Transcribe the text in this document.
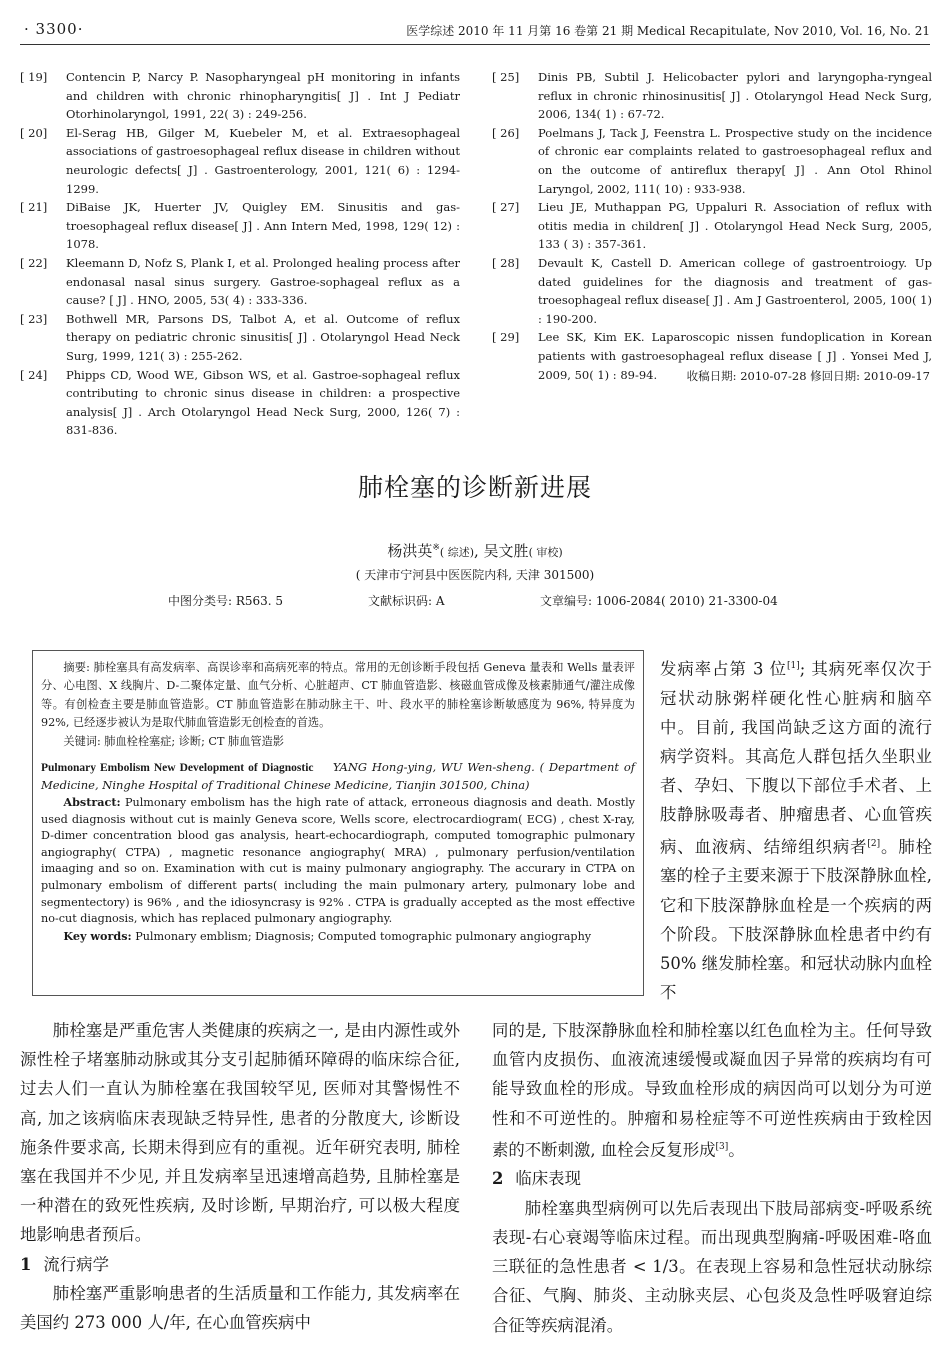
· 3300·	医学综述 2010 年 11 月第 16 卷第 21 期 Medical Recapitulate, Nov 2010, Vol. 16, No. 21
[ 19] Contencin P, Narcy P. Nasopharyngeal pH monitoring in infants and children with chronic rhinopharyngitis[ J] . Int J Pediatr Otorhinolaryngol, 1991, 22( 3) : 249-256.
[ 20] El-Serag HB, Gilger M, Kuebeler M, et al. Extraesophageal associations of gastroesophageal reflux disease in children without neurologic defects[ J] . Gastroenterology, 2001, 121( 6) : 1294-1299.
[ 21] DiBaise JK, Huerter JV, Quigley EM. Sinusitis and gas-troesophageal reflux disease[ J] . Ann Intern Med, 1998, 129( 12) : 1078.
[ 22] Kleemann D, Nofz S, Plank I, et al. Prolonged healing process after endonasal nasal sinus surgery. Gastroe-sophageal reflux as a cause? [ J] . HNO, 2005, 53( 4) : 333-336.
[ 23] Bothwell MR, Parsons DS, Talbot A, et al. Outcome of reflux therapy on pediatric chronic sinusitis[ J] . Otolaryngol Head Neck Surg, 1999, 121( 3) : 255-262.
[ 24] Phipps CD, Wood WE, Gibson WS, et al. Gastroe-sophageal reflux contributing to chronic sinus disease in children: a prospective analysis[ J] . Arch Otolaryngol Head Neck Surg, 2000, 126( 7) : 831-836.
[ 25] Dinis PB, Subtil J. Helicobacter pylori and laryngopha-ryngeal reflux in chronic rhinosinusitis[ J] . Otolaryngol Head Neck Surg, 2006, 134( 1) : 67-72.
[ 26] Poelmans J, Tack J, Feenstra L. Prospective study on the incidence of chronic ear complaints related to gastroesophageal reflux and on the outcome of antireflux therapy[ J] . Ann Otol Rhinol Laryngol, 2002, 111( 10) : 933-938.
[ 27] Lieu JE, Muthappan PG, Uppaluri R. Association of reflux with otitis media in children[ J] . Otolaryngol Head Neck Surg, 2005, 133 ( 3) : 357-361.
[ 28] Devault K, Castell D. American college of gastroentroiogy. Up dated guidelines for the diagnosis and treatment of gas-troesophageal reflux disease[ J] . Am J Gastroenterol, 2005, 100( 1) : 190-200.
[ 29] Lee SK, Kim EK. Laparoscopic nissen fundoplication in Korean patients with gastroesophageal reflux disease [ J] . Yonsei Med J, 2009, 50( 1) : 89-94.	收稿日期: 2010-07-28 修回日期: 2010-09-17
肺栓塞的诊断新进展
杨洪英※( 综述), 吴文胜( 审校)
( 天津市宁河县中医医院内科, 天津 301500)
中图分类号: R563. 5	文献标识码: A	文章编号: 1006-2084( 2010) 21-3300-04

摘要: 肺栓塞具有高发病率、高误诊率和高病死率的特点。常用的无创诊断手段包括 Geneva 量表和 Wells 量表评分、心电图、X 线胸片、D-二聚体定量、血气分析、心脏超声、CT 肺血管造影、核磁血管成像及核素肺通气/灌注成像等。有创检查主要是肺血管造影。CT 肺血管造影在肺动脉主干、叶、段水平的肺栓塞诊断敏感度为 96%, 特异度为 92%, 已经逐步被认为是取代肺血管造影无创检查的首选。

关键词: 肺血栓栓塞症; 诊断; CT 肺血管造影

Pulmonary Embolism New Development of Diagnostic YANG Hong-ying, WU Wen-sheng. ( Department of Medicine, Ninghe Hospital of Traditional Chinese Medicine, Tianjin 301500, China)

Abstract: Pulmonary embolism has the high rate of attack, erroneous diagnosis and death. Mostly used diagnosis without cut is mainly Geneva score, Wells score, electrocardiogram( ECG) , chest X-ray, D-dimer concentration blood gas analysis, heart-echocardiograph, computed tomographic pulmonary angiography( CTPA) , magnetic resonance angiography( MRA) , pulmonary perfusion/ventilation imaaging and so on. Examination with cut is mainy pulmonary angiography. The accurary in CTPA on pulmonary embolism of different parts( including the main pulmonary artery, pulmonary lobe and segmentectory) is 96% , and the idiosyncrasy is 92% . CTPA is gradually accepted as the most effective no-cut diagnosis, which has replaced pulmonary angiography.

Key words: Pulmonary emblism; Diagnosis; Computed tomographic pulmonary angiography

发病率占第 3 位[1]; 其病死率仅次于冠状动脉粥样硬化性心脏病和脑卒中。目前, 我国尚缺乏这方面的流行病学资料。其高危人群包括久坐职业者、孕妇、下腹以下部位手术者、上肢静脉吸毒者、肿瘤患者、心血管疾病、血液病、结缔组织病者[2]。肺栓塞的栓子主要来源于下肢深静脉血栓, 它和下肢深静脉血栓是一个疾病的两个阶段。下肢深静脉血栓患者中约有 50% 继发肺栓塞。和冠状动脉内血栓不

肺栓塞是严重危害人类健康的疾病之一, 是由内源性或外源性栓子堵塞肺动脉或其分支引起肺循环障碍的临床综合征, 过去人们一直认为肺栓塞在我国较罕见, 医师对其警惕性不高, 加之该病临床表现缺乏特异性, 患者的分散度大, 诊断设施条件要求高, 长期未得到应有的重视。近年研究表明, 肺栓塞在我国并不少见, 并且发病率呈迅速增高趋势, 且肺栓塞是一种潜在的致死性疾病, 及时诊断, 早期治疗, 可以极大程度地影响患者预后。

1 流行病学

肺栓塞严重影响患者的生活质量和工作能力, 其发病率在美国约 273 000 人/年, 在心血管疾病中

同的是, 下肢深静脉血栓和肺栓塞以红色血栓为主。任何导致血管内皮损伤、血液流速缓慢或凝血因子异常的疾病均有可能导致血栓的形成。导致血栓形成的病因尚可以划分为可逆性和不可逆性的。肿瘤和易栓症等不可逆性疾病由于致栓因素的不断刺激, 血栓会反复形成[3]。

2 临床表现

肺栓塞典型病例可以先后表现出下肢局部病变-呼吸系统表现-右心衰竭等临床过程。而出现典型胸痛-呼吸困难-咯血三联征的急性患者 < 1/3。在表现上容易和急性冠状动脉综合征、气胸、肺炎、主动脉夹层、心包炎及急性呼吸窘迫综合征等疾病混淆。
